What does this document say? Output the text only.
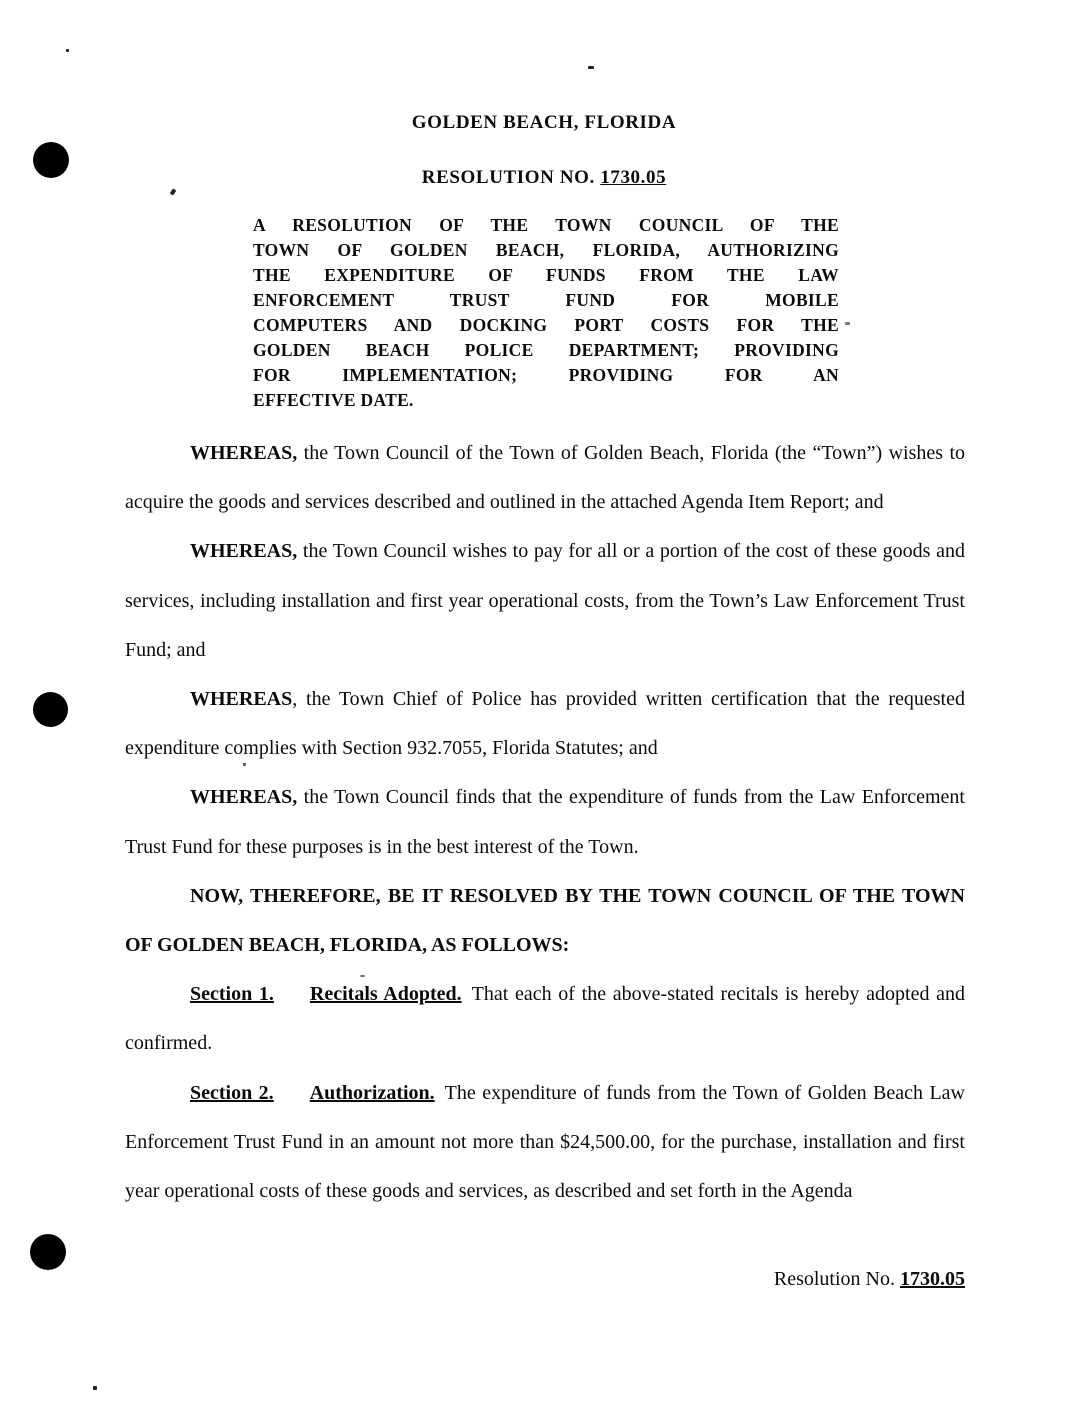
GOLDEN BEACH, FLORIDA
RESOLUTION NO. 1730.05
A RESOLUTION OF THE TOWN COUNCIL OF THE
TOWN OF GOLDEN BEACH, FLORIDA, AUTHORIZING
THE EXPENDITURE OF FUNDS FROM THE LAW
ENFORCEMENT TRUST FUND FOR MOBILE
COMPUTERS AND DOCKING PORT COSTS FOR THE
GOLDEN BEACH POLICE DEPARTMENT; PROVIDING
FOR IMPLEMENTATION; PROVIDING FOR AN
EFFECTIVE DATE.

WHEREAS, the Town Council of the Town of Golden Beach, Florida (the “Town”) wishes to acquire the goods and services described and outlined in the attached Agenda Item Report; and

WHEREAS, the Town Council wishes to pay for all or a portion of the cost of these goods and services, including installation and first year operational costs, from the Town’s Law Enforcement Trust Fund; and

WHEREAS, the Town Chief of Police has provided written certification that the requested expenditure complies with Section 932.7055, Florida Statutes; and

WHEREAS, the Town Council finds that the expenditure of funds from the Law Enforcement Trust Fund for these purposes is in the best interest of the Town.

NOW, THEREFORE, BE IT RESOLVED BY THE TOWN COUNCIL OF THE TOWN OF GOLDEN BEACH, FLORIDA, AS FOLLOWS:

Section 1. Recitals Adopted. That each of the above-stated recitals is hereby adopted and confirmed.

Section 2. Authorization. The expenditure of funds from the Town of Golden Beach Law Enforcement Trust Fund in an amount not more than $24,500.00, for the purchase, installation and first year operational costs of these goods and services, as described and set forth in the Agenda

Resolution No. 1730.05
